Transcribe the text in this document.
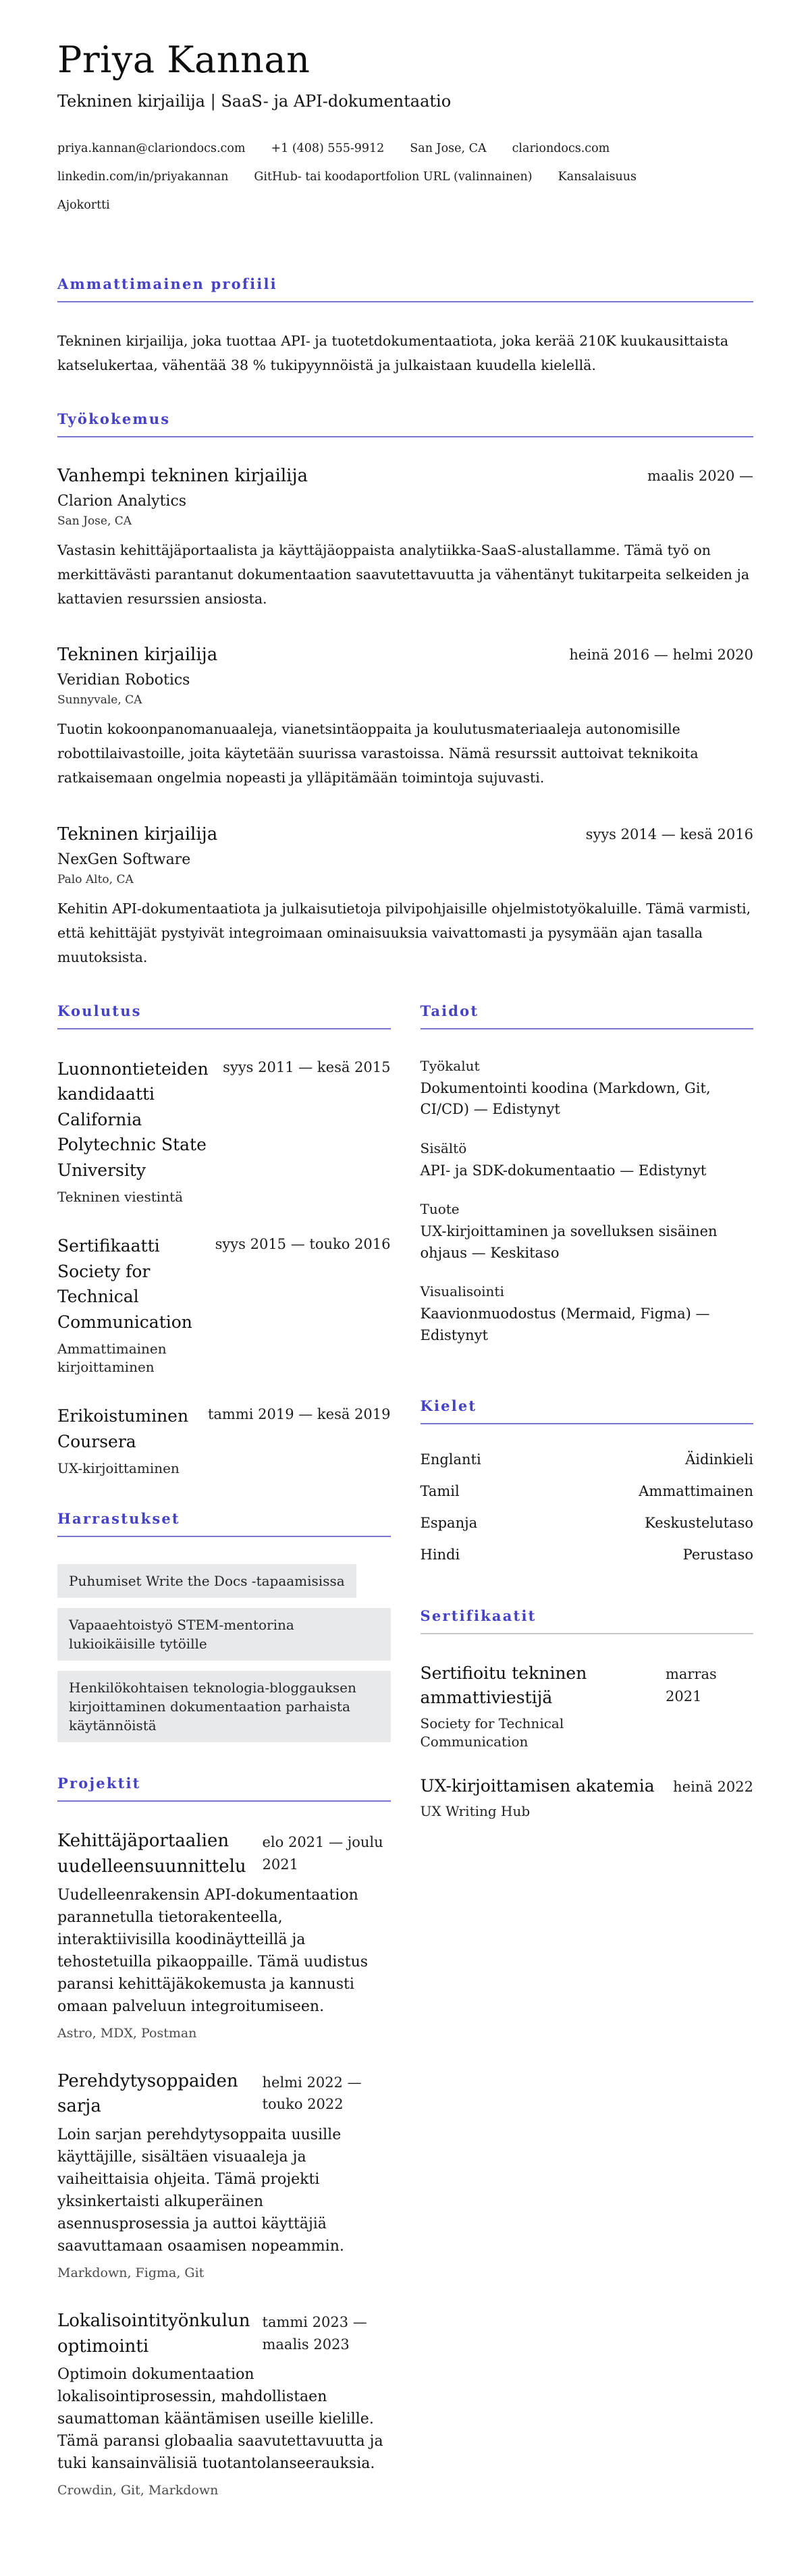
Priya Kannan
Tekninen kirjailija | SaaS- ja API-dokumentaatio
priya.kannan@clariondocs.com +1 (408) 555-9912 San Jose, CA clariondocs.com
linkedin.com/in/priyakannan GitHub- tai koodaportfolion URL (valinnainen) Kansalaisuus
Ajokortti
Ammattimainen profiili

Tekninen kirjailija, joka tuottaa API- ja tuotetdokumentaatiota, joka kerää 210K kuukausittaista katselukertaa, vähentää 38 % tukipyynnöistä ja julkaistaan kuudella kielellä.

Työkokemus
Vanhempi tekninen kirjailija	maalis 2020 —
Clarion Analytics
San Jose, CA

Vastasin kehittäjäportaalista ja käyttäjäoppaista analytiikka-SaaS-alustallamme. Tämä työ on merkittävästi parantanut dokumentaation saavutettavuutta ja vähentänyt tukitarpeita selkeiden ja kattavien resurssien ansiosta.

Tekninen kirjailija	heinä 2016 — helmi 2020
Veridian Robotics
Sunnyvale, CA

Tuotin kokoonpanomanuaaleja, vianetsintäoppaita ja koulutusmateriaaleja autonomisille robottilaivastoille, joita käytetään suurissa varastoissa. Nämä resurssit auttoivat teknikoita ratkaisemaan ongelmia nopeasti ja ylläpitämään toimintoja sujuvasti.

Tekninen kirjailija	syys 2014 — kesä 2016
NexGen Software
Palo Alto, CA

Kehitin API-dokumentaatiota ja julkaisutietoja pilvipohjaisille ohjelmistotyökaluille. Tämä varmisti, että kehittäjät pystyivät integroimaan ominaisuuksia vaivattomasti ja pysymään ajan tasalla muutoksista.

Koulutus
Luonnontieteiden kandidaatti
California Polytechnic State University
Tekninen viestintä
syys 2011 — kesä 2015
Sertifikaatti
Society for Technical Communication
Ammattimainen kirjoittaminen
syys 2015 — touko 2016
Erikoistuminen
Coursera
UX-kirjoittaminen
tammi 2019 — kesä 2019
Harrastukset
Puhumiset Write the Docs -tapaamisissa
Vapaaehtoistyö STEM-mentorina lukioikäisille tytöille
Henkilökohtaisen teknologia-bloggauksen kirjoittaminen dokumentaation parhaista käytännöistä
Projektit
Kehittäjäportaalien uudelleensuunnittelu
elo 2021 — joulu 2021

Uudelleenrakensin API-dokumentaation parannetulla tietorakenteella, interaktiivisilla koodinäytteillä ja tehostetuilla pikaoppaille. Tämä uudistus paransi kehittäjäkokemusta ja kannusti omaan palveluun integroitumiseen.

Astro, MDX, Postman
Perehdytysoppaiden sarja
helmi 2022 — touko 2022

Loin sarjan perehdytysoppaita uusille käyttäjille, sisältäen visuaaleja ja vaiheittaisia ohjeita. Tämä projekti yksinkertaisti alkuperäinen asennusprosessia ja auttoi käyttäjiä saavuttamaan osaamisen nopeammin.

Markdown, Figma, Git
Lokalisointityönkulun optimointi
tammi 2023 — maalis 2023

Optimoin dokumentaation lokalisointiprosessin, mahdollistaen saumattoman kääntämisen useille kielille. Tämä paransi globaalia saavutettavuutta ja tuki kansainvälisiä tuotantolanseerauksia.

Crowdin, Git, Markdown
Taidot
Työkalut
Dokumentointi koodina (Markdown, Git, CI/CD) — Edistynyt
Sisältö
API- ja SDK-dokumentaatio — Edistynyt
Tuote
UX-kirjoittaminen ja sovelluksen sisäinen ohjaus — Keskitaso
Visualisointi
Kaavionmuodostus (Mermaid, Figma) — Edistynyt
Kielet
Englanti	Äidinkieli
Tamil	Ammattimainen
Espanja	Keskustelutaso
Hindi	Perustaso
Sertifikaatit
Sertifioitu tekninen ammattiviestijä
Society for Technical Communication
marras 2021
UX-kirjoittamisen akatemia
UX Writing Hub
heinä 2022
